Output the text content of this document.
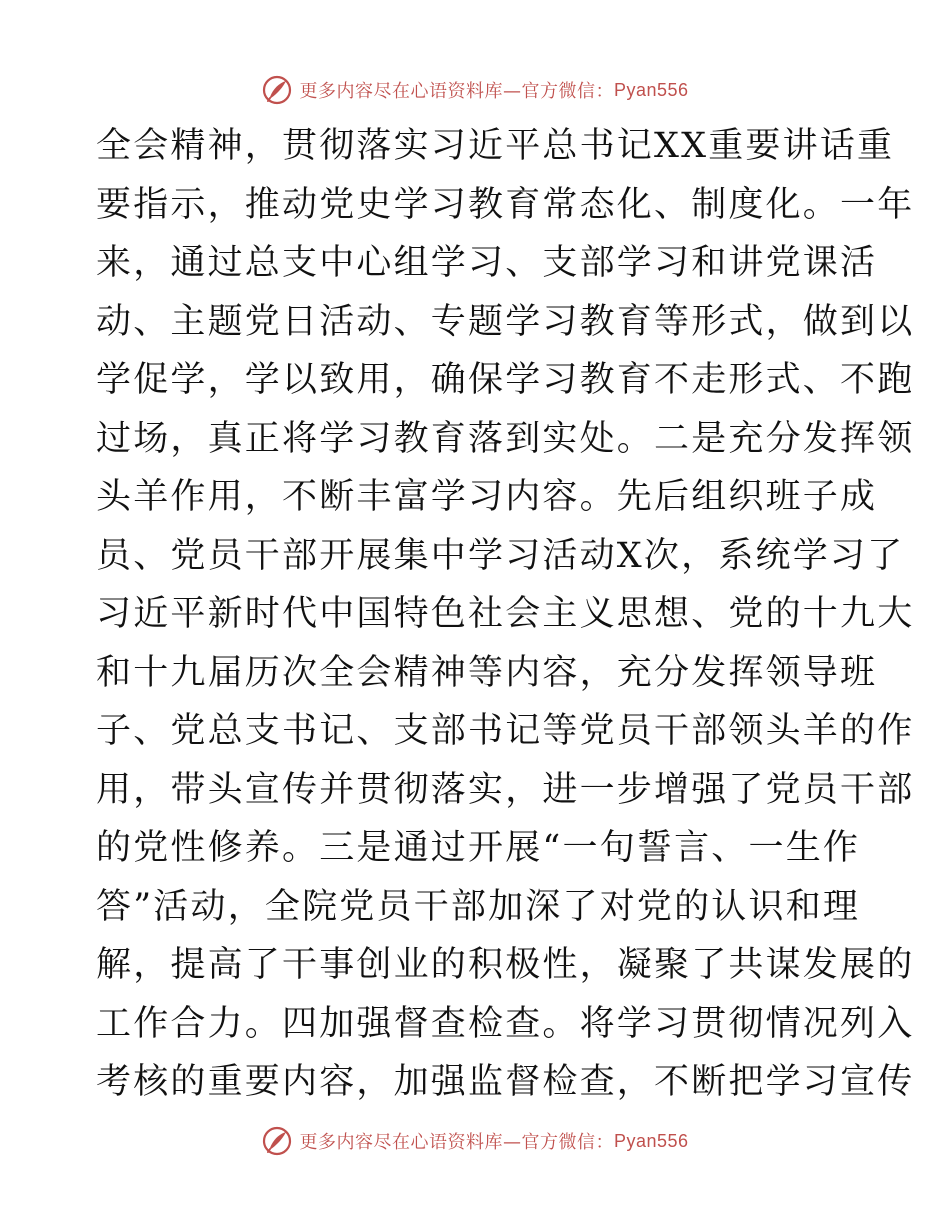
更多内容尽在心语资料库—官方微信： Pyan556
全会精神，贯彻落实习近平总书记XX重要讲话重
要指示，推动党史学习教育常态化、制度化。一年
来，通过总支中心组学习、支部学习和讲党课活
动、主题党日活动、专题学习教育等形式，做到以
学促学，学以致用，确保学习教育不走形式、不跑
过场，真正将学习教育落到实处。二是充分发挥领
头羊作用，不断丰富学习内容。先后组织班子成
员、党员干部开展集中学习活动X次，系统学习了
习近平新时代中国特色社会主义思想、党的十九大
和十九届历次全会精神等内容，充分发挥领导班
子、党总支书记、支部书记等党员干部领头羊的作
用，带头宣传并贯彻落实，进一步增强了党员干部
的党性修养。三是通过开展“一句誓言、一生作
答”活动，全院党员干部加深了对党的认识和理
解，提高了干事创业的积极性，凝聚了共谋发展的
工作合力。四加强督查检查。将学习贯彻情况列入
考核的重要内容，加强监督检查，不断把学习宣传
更多内容尽在心语资料库—官方微信： Pyan556
